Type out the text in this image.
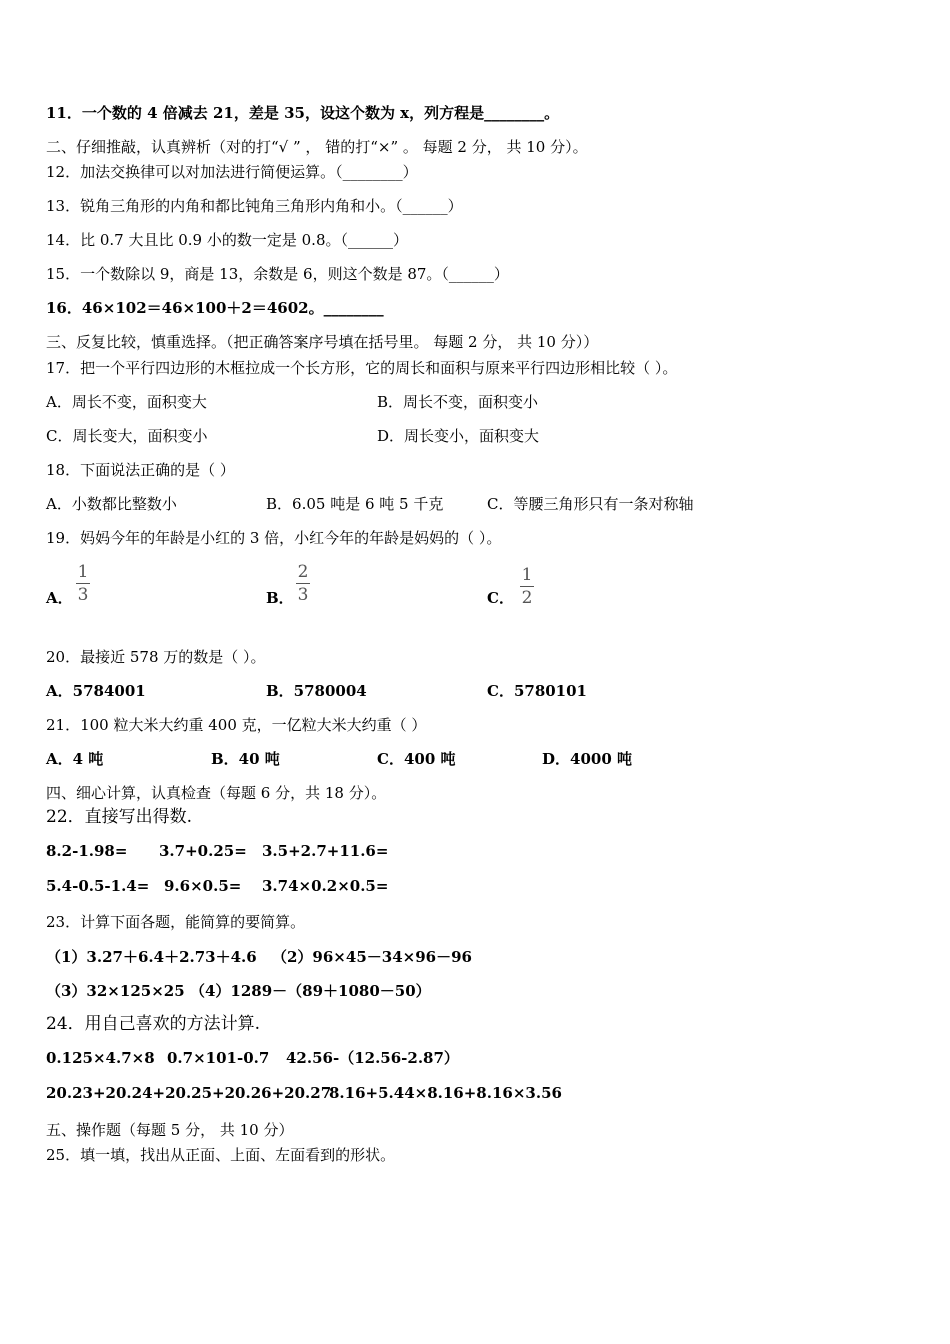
11．一个数的 4 倍减去 21，差是 35，设这个数为 x，列方程是________。
二、仔细推敲，认真辨析（对的打“√ ” ， 错的打“×” 。 每题 2 分， 共 10 分）。
12．加法交换律可以对加法进行简便运算。（________）
13．锐角三角形的内角和都比钝角三角形内角和小。（______）
14．比 0.7 大且比 0.9 小的数一定是 0.8。（______）
15．一个数除以 9，商是 13，余数是 6，则这个数是 87。（______）
16．46×102＝46×100＋2＝4602。________
三、反复比较，慎重选择。（把正确答案序号填在括号里。 每题 2 分， 共 10 分））
17．把一个平行四边形的木框拉成一个长方形，它的周长和面积与原来平行四边形相比较（ ）。
A．周长不变，面积变大	B．周长不变，面积变小
C．周长变大，面积变小	D．周长变小，面积变大
18．下面说法正确的是（ ）
A．小数都比整数小	B．6.05 吨是 6 吨 5 千克	C．等腰三角形只有一条对称轴
19．妈妈今年的年龄是小红的 3 倍，小红今年的年龄是妈妈的（ ）。
A．
1
3	B．
2
3	C．
1
2
20．最接近 578 万的数是（ ）。
A．5784001	B．5780004	C．5780101
21．100 粒大米大约重 400 克，一亿粒大米大约重（ ）
A．4 吨	B．40 吨	C．400 吨	D．4000 吨
四、细心计算，认真检查（每题 6 分，共 18 分）。
22．直接写出得数.
8.2-1.98= 3.7+0.25= 3.5+2.7+11.6=
5.4-0.5-1.4= 9.6×0.5= 3.74×0.2×0.5=
23．计算下面各题，能简算的要简算。
（1）3.27＋6.4＋2.73＋4.6 （2）96×45－34×96－96
（3）32×125×25 （4）1289－（89＋1080－50）
24．用自己喜欢的方法计算.
0.125×4.7×8 0.7×101-0.7 42.56-（12.56-2.87）
20.23+20.24+20.25+20.26+20.27
8.16+5.44×8.16+8.16×3.56
五、操作题（每题 5 分， 共 10 分）
25．填一填，找出从正面、上面、左面看到的形状。
